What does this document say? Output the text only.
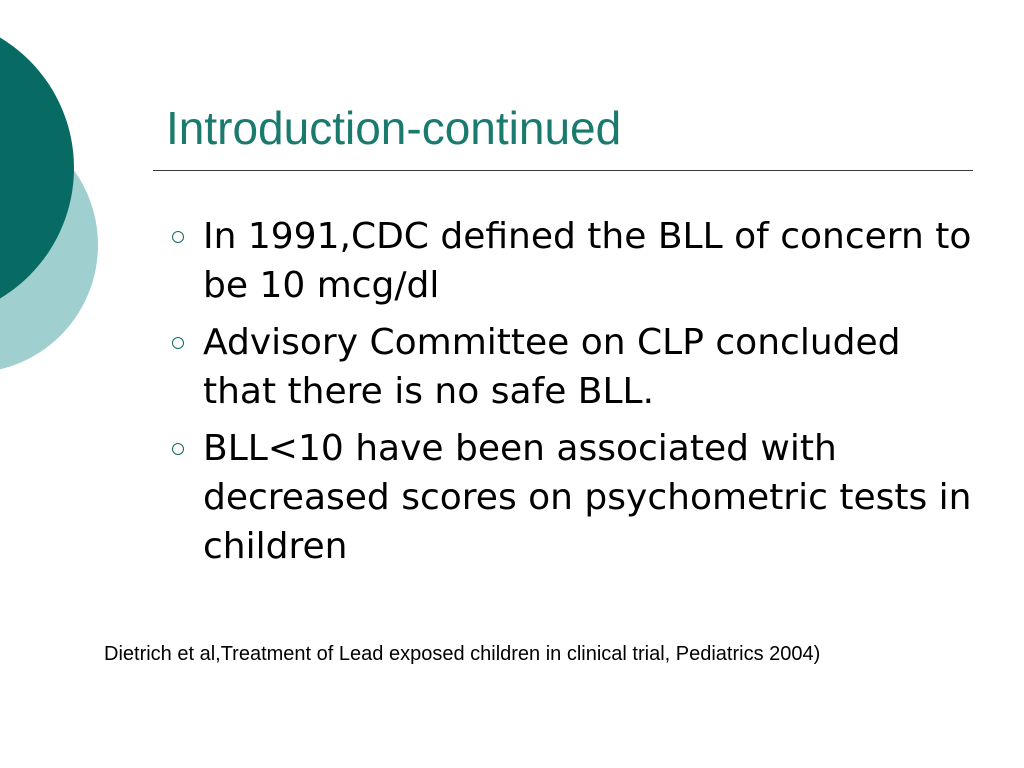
Introduction-continued
In 1991,CDC defined the BLL of concern to be 10 mcg/dl
Advisory Committee on CLP concluded that there is no safe BLL.
BLL<10 have been associated with decreased scores on psychometric tests in children

Dietrich et al,Treatment of Lead exposed children in clinical trial, Pediatrics 2004)
